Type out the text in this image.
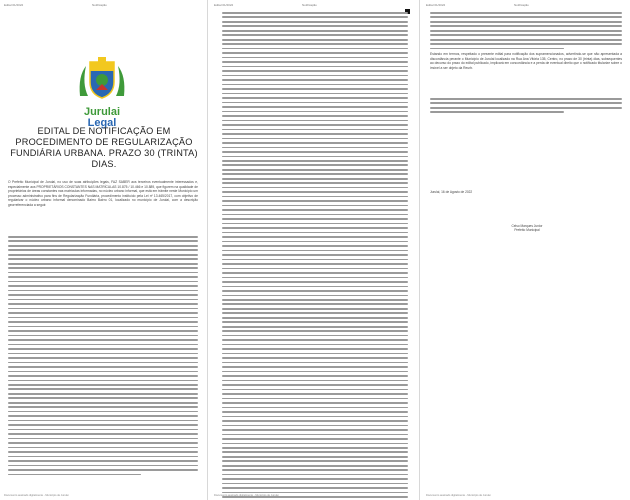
Edital 01/2022	Notificação
Jurulai
Legal
EDITAL DE NOTIFICAÇÃO EM PROCEDIMENTO DE REGULARIZAÇÃO FUNDIÁRIA URBANA. PRAZO 30 (TRINTA) DIAS.
O Prefeito Municipal de Jurulai, no uso de suas atribuições legais, FAZ SABER aos terceiros eventualmente interessados e, especialmente aos PROPRIETÁRIOS CONSTANTES NAS MATRÍCULAS 10.875 / 10.466 e 10.889, que figurem na qualidade de proprietários de áreas constantes nas matrículas informadas, no núcleo urbano informal, que está em trâmite neste Município um processo administrativo para fins de Regularização Fundiária, procedimento instituído pela Lei nº 13.465/2017, com objetivo de regularizar o núcleo urbano informal denominado Bairro Bairro 01, localizado no município de Jurulai, com a descrição georreferenciada a seguir.
Documento assinado digitalmente - Município de Jurulai
Edital 01/2022	Notificação
Documento assinado digitalmente - Município de Jurulai
Edital 01/2022	Notificação
Estando em termos, respeitado o presente edital para notificação dos supramencionados, advertindo-se que não apresentada a discordância perante o Município de Jurulai localizado na Rua Ana Vitória 135, Centro, no prazo de 30 (trinta) dias, subsequentes ao decurso do prazo do edital publicado, implicará em concordância e a perda de eventual direito que o notificado titularize sobre o imóvel a ser objeto da Reurb.
Jurulai, 16 de Agosto de 2022
Celso Marques Junior
Prefeito Municipal
Documento assinado digitalmente - Município de Jurulai
